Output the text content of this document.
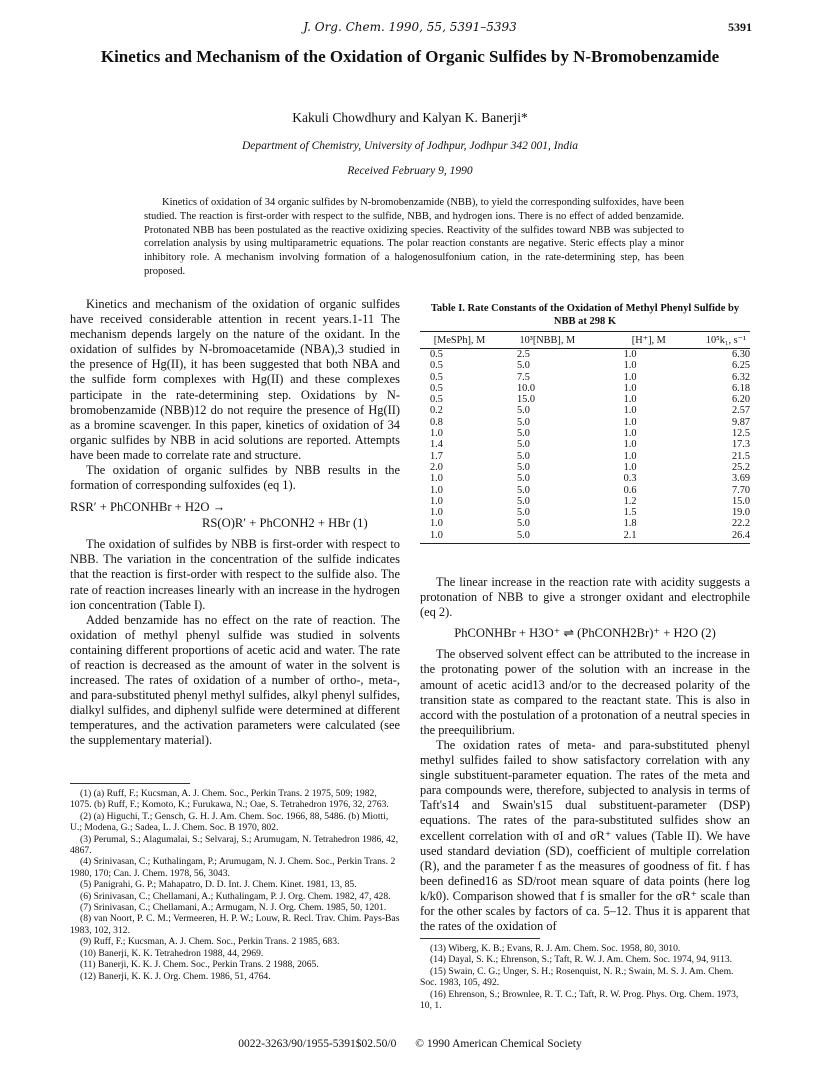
J. Org. Chem. 1990, 55, 5391–5393	5391
Kinetics and Mechanism of the Oxidation of Organic Sulfides by N-Bromobenzamide
Kakuli Chowdhury and Kalyan K. Banerji*
Department of Chemistry, University of Jodhpur, Jodhpur 342 001, India
Received February 9, 1990
Kinetics of oxidation of 34 organic sulfides by N-bromobenzamide (NBB), to yield the corresponding sulfoxides, have been studied. The reaction is first-order with respect to the sulfide, NBB, and hydrogen ions. There is no effect of added benzamide. Protonated NBB has been postulated as the reactive oxidizing species. Reactivity of the sulfides toward NBB was subjected to correlation analysis by using multiparametric equations. The polar reaction constants are negative. Steric effects play a minor inhibitory role. A mechanism involving formation of a halogenosulfonium cation, in the rate-determining step, has been proposed.

Kinetics and mechanism of the oxidation of organic sulfides have received considerable attention in recent years.1-11 The mechanism depends largely on the nature of the oxidant. In the oxidation of sulfides by N-bromoacetamide (NBA),3 studied in the presence of Hg(II), it has been suggested that both NBA and the sulfide form complexes with Hg(II) and these complexes participate in the rate-determining step. Oxidations by N-bromobenzamide (NBB)12 do not require the presence of Hg(II) as a bromine scavenger. In this paper, kinetics of oxidation of 34 organic sulfides by NBB in acid solutions are reported. Attempts have been made to correlate rate and structure.

The oxidation of organic sulfides by NBB results in the formation of corresponding sulfoxides (eq 1).

RSR′ + PhCONHBr + H2O →
RS(O)R′ + PhCONH2 + HBr (1)

The oxidation of sulfides by NBB is first-order with respect to NBB. The variation in the concentration of the sulfide indicates that the reaction is first-order with respect to the sulfide also. The rate of reaction increases linearly with an increase in the hydrogen ion concentration (Table I).

Added benzamide has no effect on the rate of reaction. The oxidation of methyl phenyl sulfide was studied in solvents containing different proportions of acetic acid and water. The rate of reaction is decreased as the amount of water in the solvent is increased. The rates of oxidation of a number of ortho-, meta-, and para-substituted phenyl methyl sulfides, alkyl phenyl sulfides, dialkyl sulfides, and diphenyl sulfide were determined at different temperatures, and the activation parameters were calculated (see the supplementary material).

(1) (a) Ruff, F.; Kucsman, A. J. Chem. Soc., Perkin Trans. 2 1975, 509; 1982, 1075. (b) Ruff, F.; Komoto, K.; Furukawa, N.; Oae, S. Tetrahedron 1976, 32, 2763.

(2) (a) Higuchi, T.; Gensch, G. H. J. Am. Chem. Soc. 1966, 88, 5486. (b) Miotti, U.; Modena, G.; Sadea, L. J. Chem. Soc. B 1970, 802.

(3) Perumal, S.; Alagumalai, S.; Selvaraj, S.; Arumugam, N. Tetrahedron 1986, 42, 4867.

(4) Srinivasan, C.; Kuthalingam, P.; Arumugam, N. J. Chem. Soc., Perkin Trans. 2 1980, 170; Can. J. Chem. 1978, 56, 3043.

(5) Panigrahi, G. P.; Mahapatro, D. D. Int. J. Chem. Kinet. 1981, 13, 85.

(6) Srinivasan, C.; Chellamani, A.; Kuthalingam, P. J. Org. Chem. 1982, 47, 428.

(7) Srinivasan, C.; Chellamani, A.; Armugam, N. J. Org. Chem. 1985, 50, 1201.

(8) van Noort, P. C. M.; Vermeeren, H. P. W.; Louw, R. Recl. Trav. Chim. Pays-Bas 1983, 102, 312.

(9) Ruff, F.; Kucsman, A. J. Chem. Soc., Perkin Trans. 2 1985, 683.

(10) Banerji, K. K. Tetrahedron 1988, 44, 2969.

(11) Banerji, K. K. J. Chem. Soc., Perkin Trans. 2 1988, 2065.

(12) Banerji, K. K. J. Org. Chem. 1986, 51, 4764.

Table I. Rate Constants of the Oxidation of Methyl Phenyl Sulfide by NBB at 298 K
[MeSPh], M	10³[NBB], M	[H⁺], M	10⁵k₁, s⁻¹
0.5	2.5	1.0	6.30
0.5	5.0	1.0	6.25
0.5	7.5	1.0	6.32
0.5	10.0	1.0	6.18
0.5	15.0	1.0	6.20
0.2	5.0	1.0	2.57
0.8	5.0	1.0	9.87
1.0	5.0	1.0	12.5
1.4	5.0	1.0	17.3
1.7	5.0	1.0	21.5
2.0	5.0	1.0	25.2
1.0	5.0	0.3	3.69
1.0	5.0	0.6	7.70
1.0	5.0	1.2	15.0
1.0	5.0	1.5	19.0
1.0	5.0	1.8	22.2
1.0	5.0	2.1	26.4

The linear increase in the reaction rate with acidity suggests a protonation of NBB to give a stronger oxidant and electrophile (eq 2).

PhCONHBr + H3O⁺ ⇌ (PhCONH2Br)⁺ + H2O (2)

The observed solvent effect can be attributed to the increase in the protonating power of the solution with an increase in the amount of acetic acid13 and/or to the decreased polarity of the transition state as compared to the reactant state. This is also in accord with the postulation of a protonation of a neutral species in the preequilibrium.

The oxidation rates of meta- and para-substituted phenyl methyl sulfides failed to show satisfactory correlation with any single substituent-parameter equation. The rates of the meta and para compounds were, therefore, subjected to analysis in terms of Taft's14 and Swain's15 dual substituent-parameter (DSP) equations. The rates of the para-substituted sulfides show an excellent correlation with σI and σR⁺ values (Table II). We have used standard deviation (SD), coefficient of multiple correlation (R), and the parameter f as the measures of goodness of fit. f has been defined16 as SD/root mean square of data points (here log k/k0). Comparison showed that f is smaller for the σR⁺ scale than for the other scales by factors of ca. 5–12. Thus it is apparent that the rates of the oxidation of

(13) Wiberg, K. B.; Evans, R. J. Am. Chem. Soc. 1958, 80, 3010.

(14) Dayal, S. K.; Ehrenson, S.; Taft, R. W. J. Am. Chem. Soc. 1974, 94, 9113.

(15) Swain, C. G.; Unger, S. H.; Rosenquist, N. R.; Swain, M. S. J. Am. Chem. Soc. 1983, 105, 492.

(16) Ehrenson, S.; Brownlee, R. T. C.; Taft, R. W. Prog. Phys. Org. Chem. 1973, 10, 1.

0022-3263/90/1955-5391$02.50/0 © 1990 American Chemical Society
